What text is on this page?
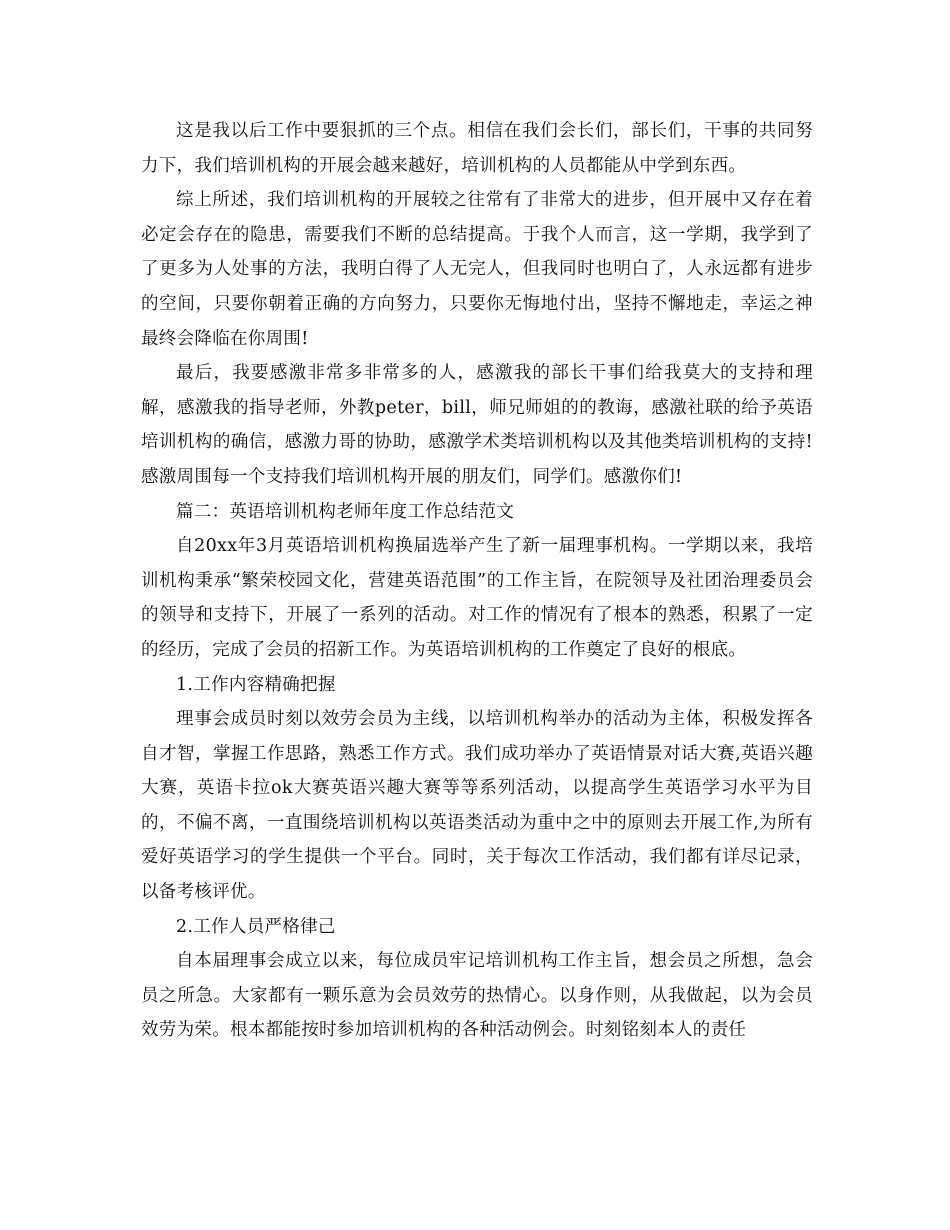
这是我以后工作中要狠抓的三个点。相信在我们会长们，部长们，干事的共同努力下，我们培训机构的开展会越来越好，培训机构的人员都能从中学到东西。

综上所述，我们培训机构的开展较之往常有了非常大的进步，但开展中又存在着必定会存在的隐患，需要我们不断的总结提高。于我个人而言，这一学期，我学到了了更多为人处事的方法，我明白得了人无完人，但我同时也明白了，人永远都有进步的空间，只要你朝着正确的方向努力，只要你无悔地付出，坚持不懈地走，幸运之神最终会降临在你周围!

最后，我要感激非常多非常多的人，感激我的部长干事们给我莫大的支持和理解，感激我的指导老师，外教peter，bill，师兄师姐的的教诲，感激社联的给予英语培训机构的确信，感激力哥的协助，感激学术类培训机构以及其他类培训机构的支持!感激周围每一个支持我们培训机构开展的朋友们，同学们。感激你们!

篇二：英语培训机构老师年度工作总结范文

自20xx年3月英语培训机构换届选举产生了新一届理事机构。一学期以来，我培训机构秉承“繁荣校园文化，营建英语范围”的工作主旨，在院领导及社团治理委员会的领导和支持下，开展了一系列的活动。对工作的情况有了根本的熟悉，积累了一定的经历，完成了会员的招新工作。为英语培训机构的工作奠定了良好的根底。

1.工作内容精确把握

理事会成员时刻以效劳会员为主线，以培训机构举办的活动为主体，积极发挥各自才智，掌握工作思路，熟悉工作方式。我们成功举办了英语情景对话大赛,英语兴趣大赛，英语卡拉ok大赛英语兴趣大赛等等系列活动，以提高学生英语学习水平为目的，不偏不离，一直围绕培训机构以英语类活动为重中之中的原则去开展工作,为所有爱好英语学习的学生提供一个平台。同时，关于每次工作活动，我们都有详尽记录，以备考核评优。

2.工作人员严格律己

自本届理事会成立以来，每位成员牢记培训机构工作主旨，想会员之所想，急会员之所急。大家都有一颗乐意为会员效劳的热情心。以身作则，从我做起，以为会员效劳为荣。根本都能按时参加培训机构的各种活动例会。时刻铭刻本人的责任
